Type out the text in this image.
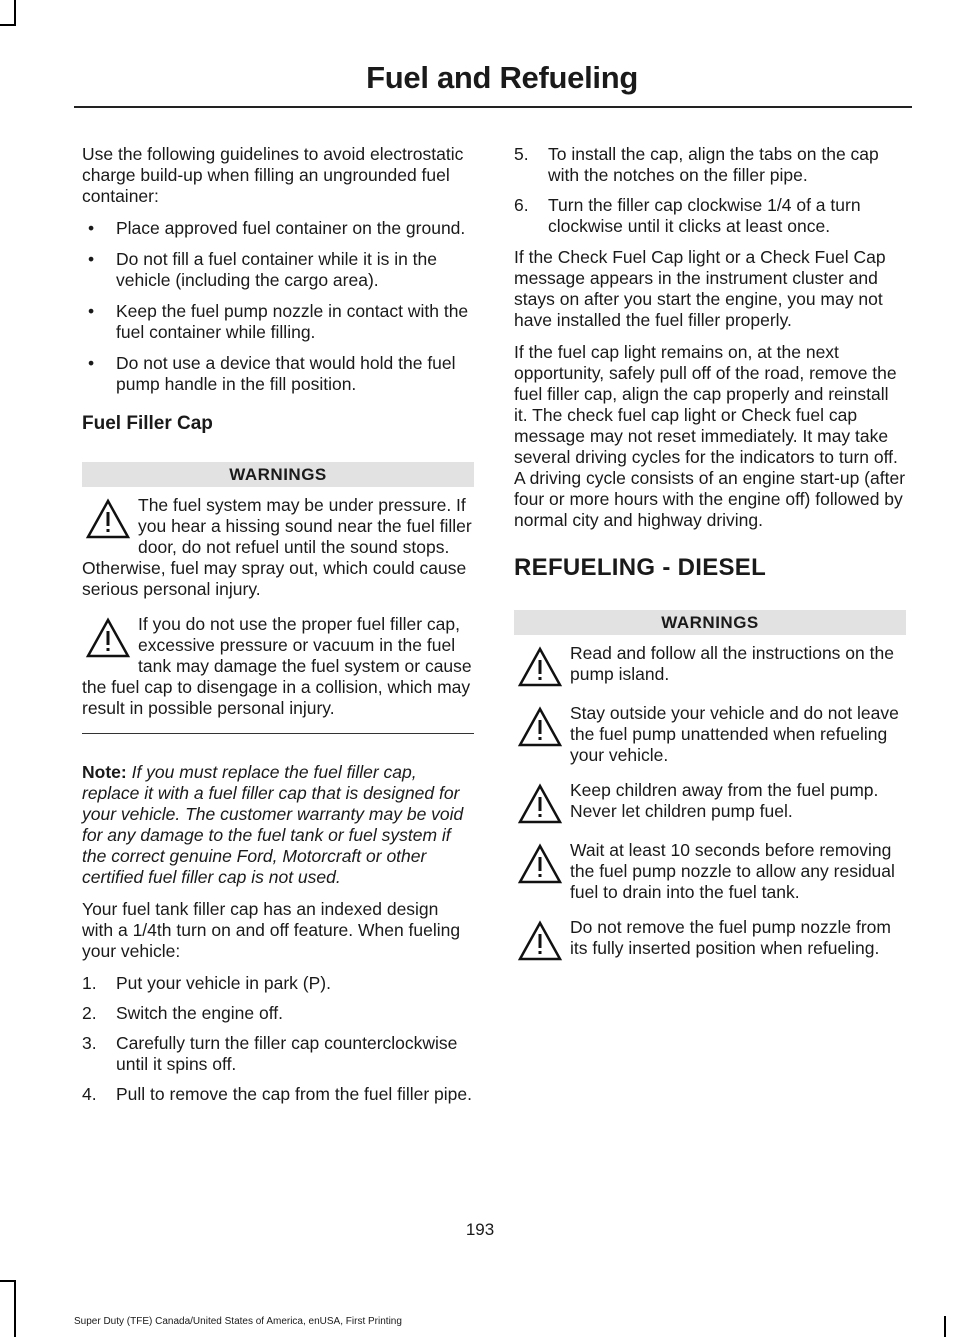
Fuel and Refueling

Use the following guidelines to avoid electrostatic charge build-up when filling an ungrounded fuel container:

• Place approved fuel container on the ground.
• Do not fill a fuel container while it is in the vehicle (including the cargo area).
• Keep the fuel pump nozzle in contact with the fuel container while filling.
• Do not use a device that would hold the fuel pump handle in the fill position.
Fuel Filler Cap
WARNINGS
The fuel system may be under pressure. If you hear a hissing sound near the fuel filler door, do not refuel until the sound stops. Otherwise, fuel may spray out, which could cause serious personal injury.
If you do not use the proper fuel filler cap, excessive pressure or vacuum in the fuel tank may damage the fuel system or cause the fuel cap to disengage in a collision, which may result in possible personal injury.

Note: If you must replace the fuel filler cap, replace it with a fuel filler cap that is designed for your vehicle. The customer warranty may be void for any damage to the fuel tank or fuel system if the correct genuine Ford, Motorcraft or other certified fuel filler cap is not used.

Your fuel tank filler cap has an indexed design with a 1/4th turn on and off feature. When fueling your vehicle:

1. Put your vehicle in park (P).
2. Switch the engine off.
3. Carefully turn the filler cap counterclockwise until it spins off.
4. Pull to remove the cap from the fuel filler pipe.
5. To install the cap, align the tabs on the cap with the notches on the filler pipe.
6. Turn the filler cap clockwise 1/4 of a turn clockwise until it clicks at least once.

If the Check Fuel Cap light or a Check Fuel Cap message appears in the instrument cluster and stays on after you start the engine, you may not have installed the fuel filler properly.

If the fuel cap light remains on, at the next opportunity, safely pull off of the road, remove the fuel filler cap, align the cap properly and reinstall it. The check fuel cap light or Check fuel cap message may not reset immediately. It may take several driving cycles for the indicators to turn off. A driving cycle consists of an engine start-up (after four or more hours with the engine off) followed by normal city and highway driving.

REFUELING - DIESEL
WARNINGS
Read and follow all the instructions on the pump island.
Stay outside your vehicle and do not leave the fuel pump unattended when refueling your vehicle.
Keep children away from the fuel pump. Never let children pump fuel.
Wait at least 10 seconds before removing the fuel pump nozzle to allow any residual fuel to drain into the fuel tank.
Do not remove the fuel pump nozzle from its fully inserted position when refueling.
193
Super Duty (TFE) Canada/United States of America, enUSA, First Printing
